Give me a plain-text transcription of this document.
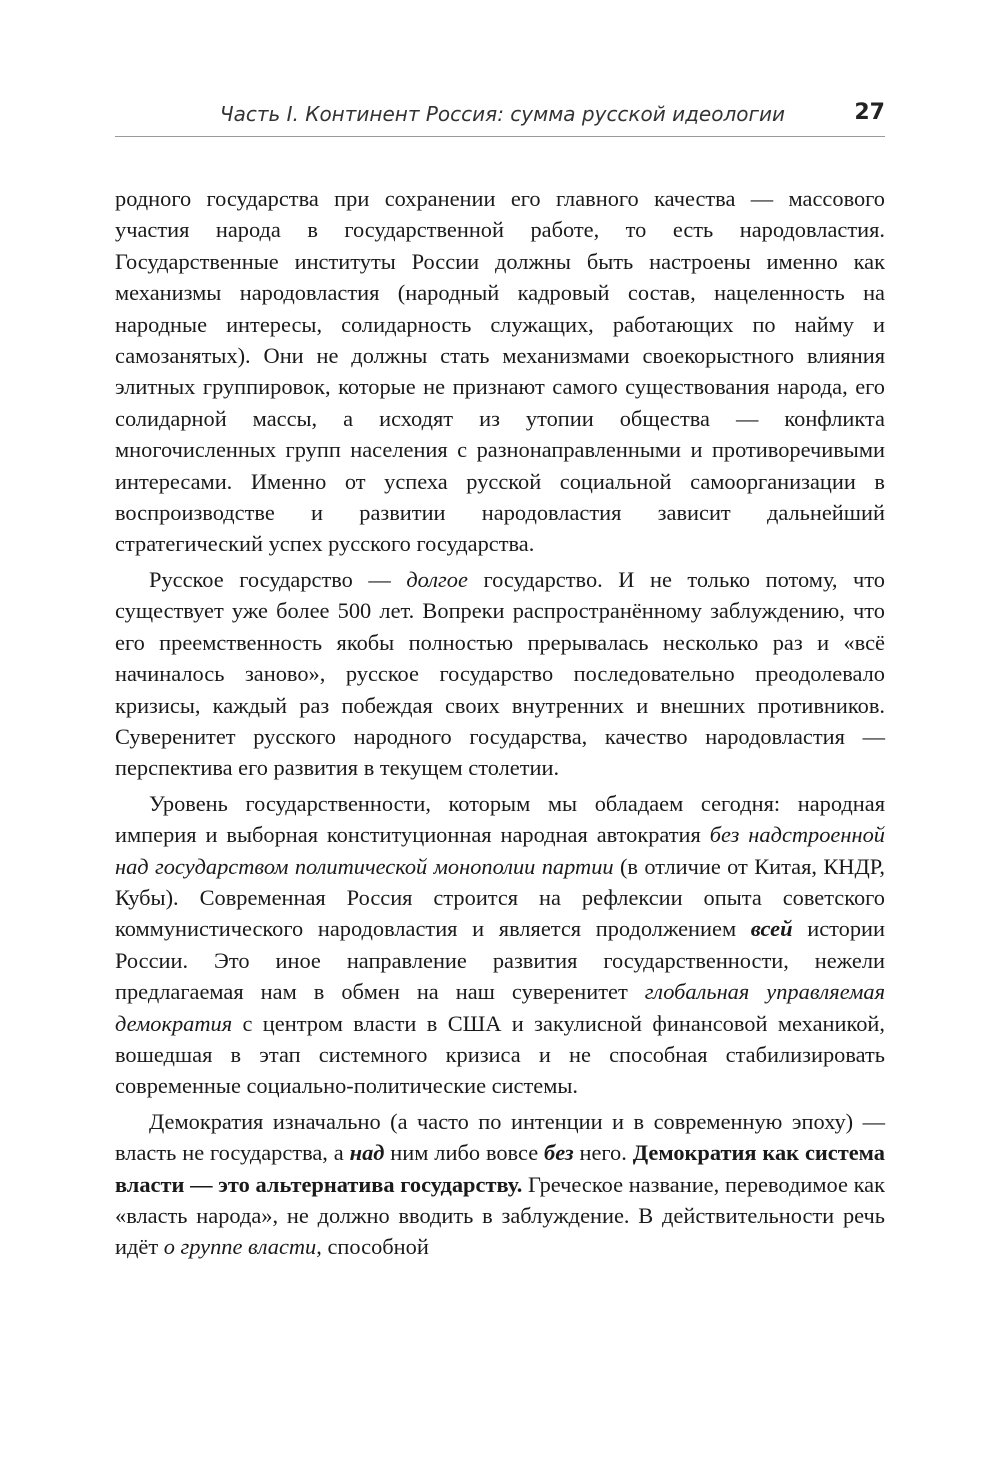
Часть I. Континент Россия: сумма русской идеологии	27

родного государства при сохранении его главного качества — массового участия народа в государственной работе, то есть народовластия. Государственные институты России должны быть настроены именно как механизмы народовластия (народный кадровый состав, нацеленность на народные интересы, солидарность служащих, работающих по найму и самозанятых). Они не должны стать механизмами своекорыстного влияния элитных группировок, которые не признают самого существования народа, его солидарной массы, а исходят из утопии общества — конфликта многочисленных групп населения с разнонаправленными и противоречивыми интересами. Именно от успеха русской социальной самоорганизации в воспроизводстве и развитии народовластия зависит дальнейший стратегический успех русского государства.

Русское государство — долгое государство. И не только потому, что существует уже более 500 лет. Вопреки распространённому заблуждению, что его преемственность якобы полностью прерывалась несколько раз и «всё начиналось заново», русское государство последовательно преодолевало кризисы, каждый раз побеждая своих внутренних и внешних противников. Суверенитет русского народного государства, качество народовластия — перспектива его развития в текущем столетии.

Уровень государственности, которым мы обладаем сегодня: народная империя и выборная конституционная народная автократия без надстроенной над государством политической монополии партии (в отличие от Китая, КНДР, Кубы). Современная Россия строится на рефлексии опыта советского коммунистического народовластия и является продолжением всей истории России. Это иное направление развития государственности, нежели предлагаемая нам в обмен на наш суверенитет глобальная управляемая демократия с центром власти в США и закулисной финансовой механикой, вошедшая в этап системного кризиса и не способная стабилизировать современные социально-политические системы.

Демократия изначально (а часто по интенции и в современную эпоху) — власть не государства, а над ним либо вовсе без него. Демократия как система власти — это альтернатива государству. Греческое название, переводимое как «власть народа», не должно вводить в заблуждение. В действительности речь идёт о группе власти, способной
